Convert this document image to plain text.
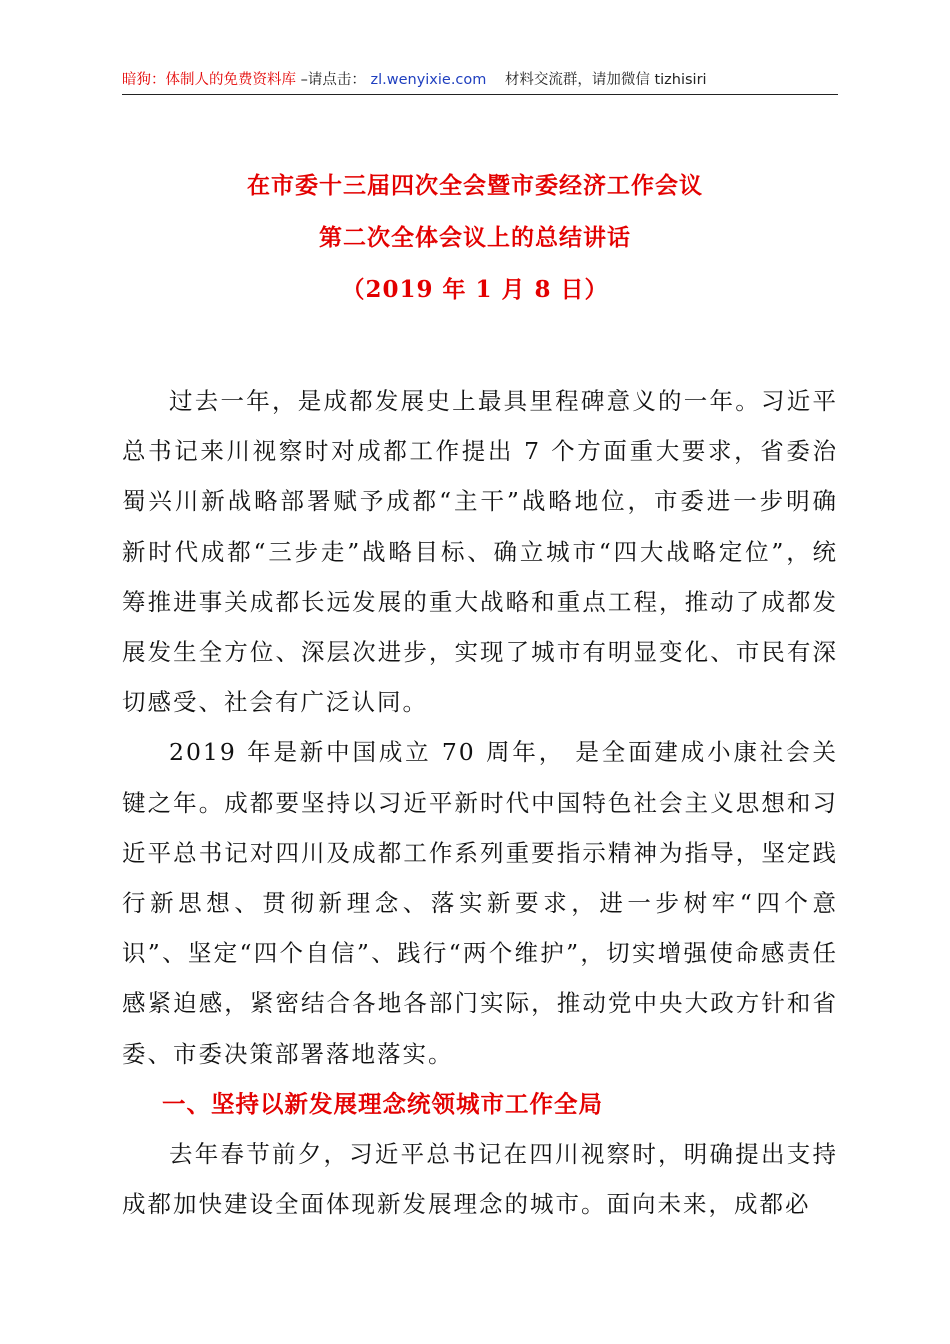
暗狗：体制人的免费资料库 –请点击： zl.wenyixie.com 材料交流群，请加微信 tizhisiri
在市委十三届四次全会暨市委经济工作会议
第二次全体会议上的总结讲话
（2019 年 1 月 8 日）

过去一年，是成都发展史上最具里程碑意义的一年。习近平总书记来川视察时对成都工作提出 7 个方面重大要求，省委治蜀兴川新战略部署赋予成都“主干”战略地位，市委进一步明确新时代成都“三步走”战略目标、确立城市“四大战略定位”，统筹推进事关成都长远发展的重大战略和重点工程，推动了成都发展发生全方位、深层次进步，实现了城市有明显变化、市民有深切感受、社会有广泛认同。

2019 年是新中国成立 70 周年， 是全面建成小康社会关键之年。成都要坚持以习近平新时代中国特色社会主义思想和习近平总书记对四川及成都工作系列重要指示精神为指导，坚定践行新思想、贯彻新理念、落实新要求，进一步树牢“四个意识”、坚定“四个自信”、践行“两个维护”，切实增强使命感责任感紧迫感，紧密结合各地各部门实际，推动党中央大政方针和省委、市委决策部署落地落实。

一、坚持以新发展理念统领城市工作全局

去年春节前夕，习近平总书记在四川视察时，明确提出支持成都加快建设全面体现新发展理念的城市。面向未来，成都必
